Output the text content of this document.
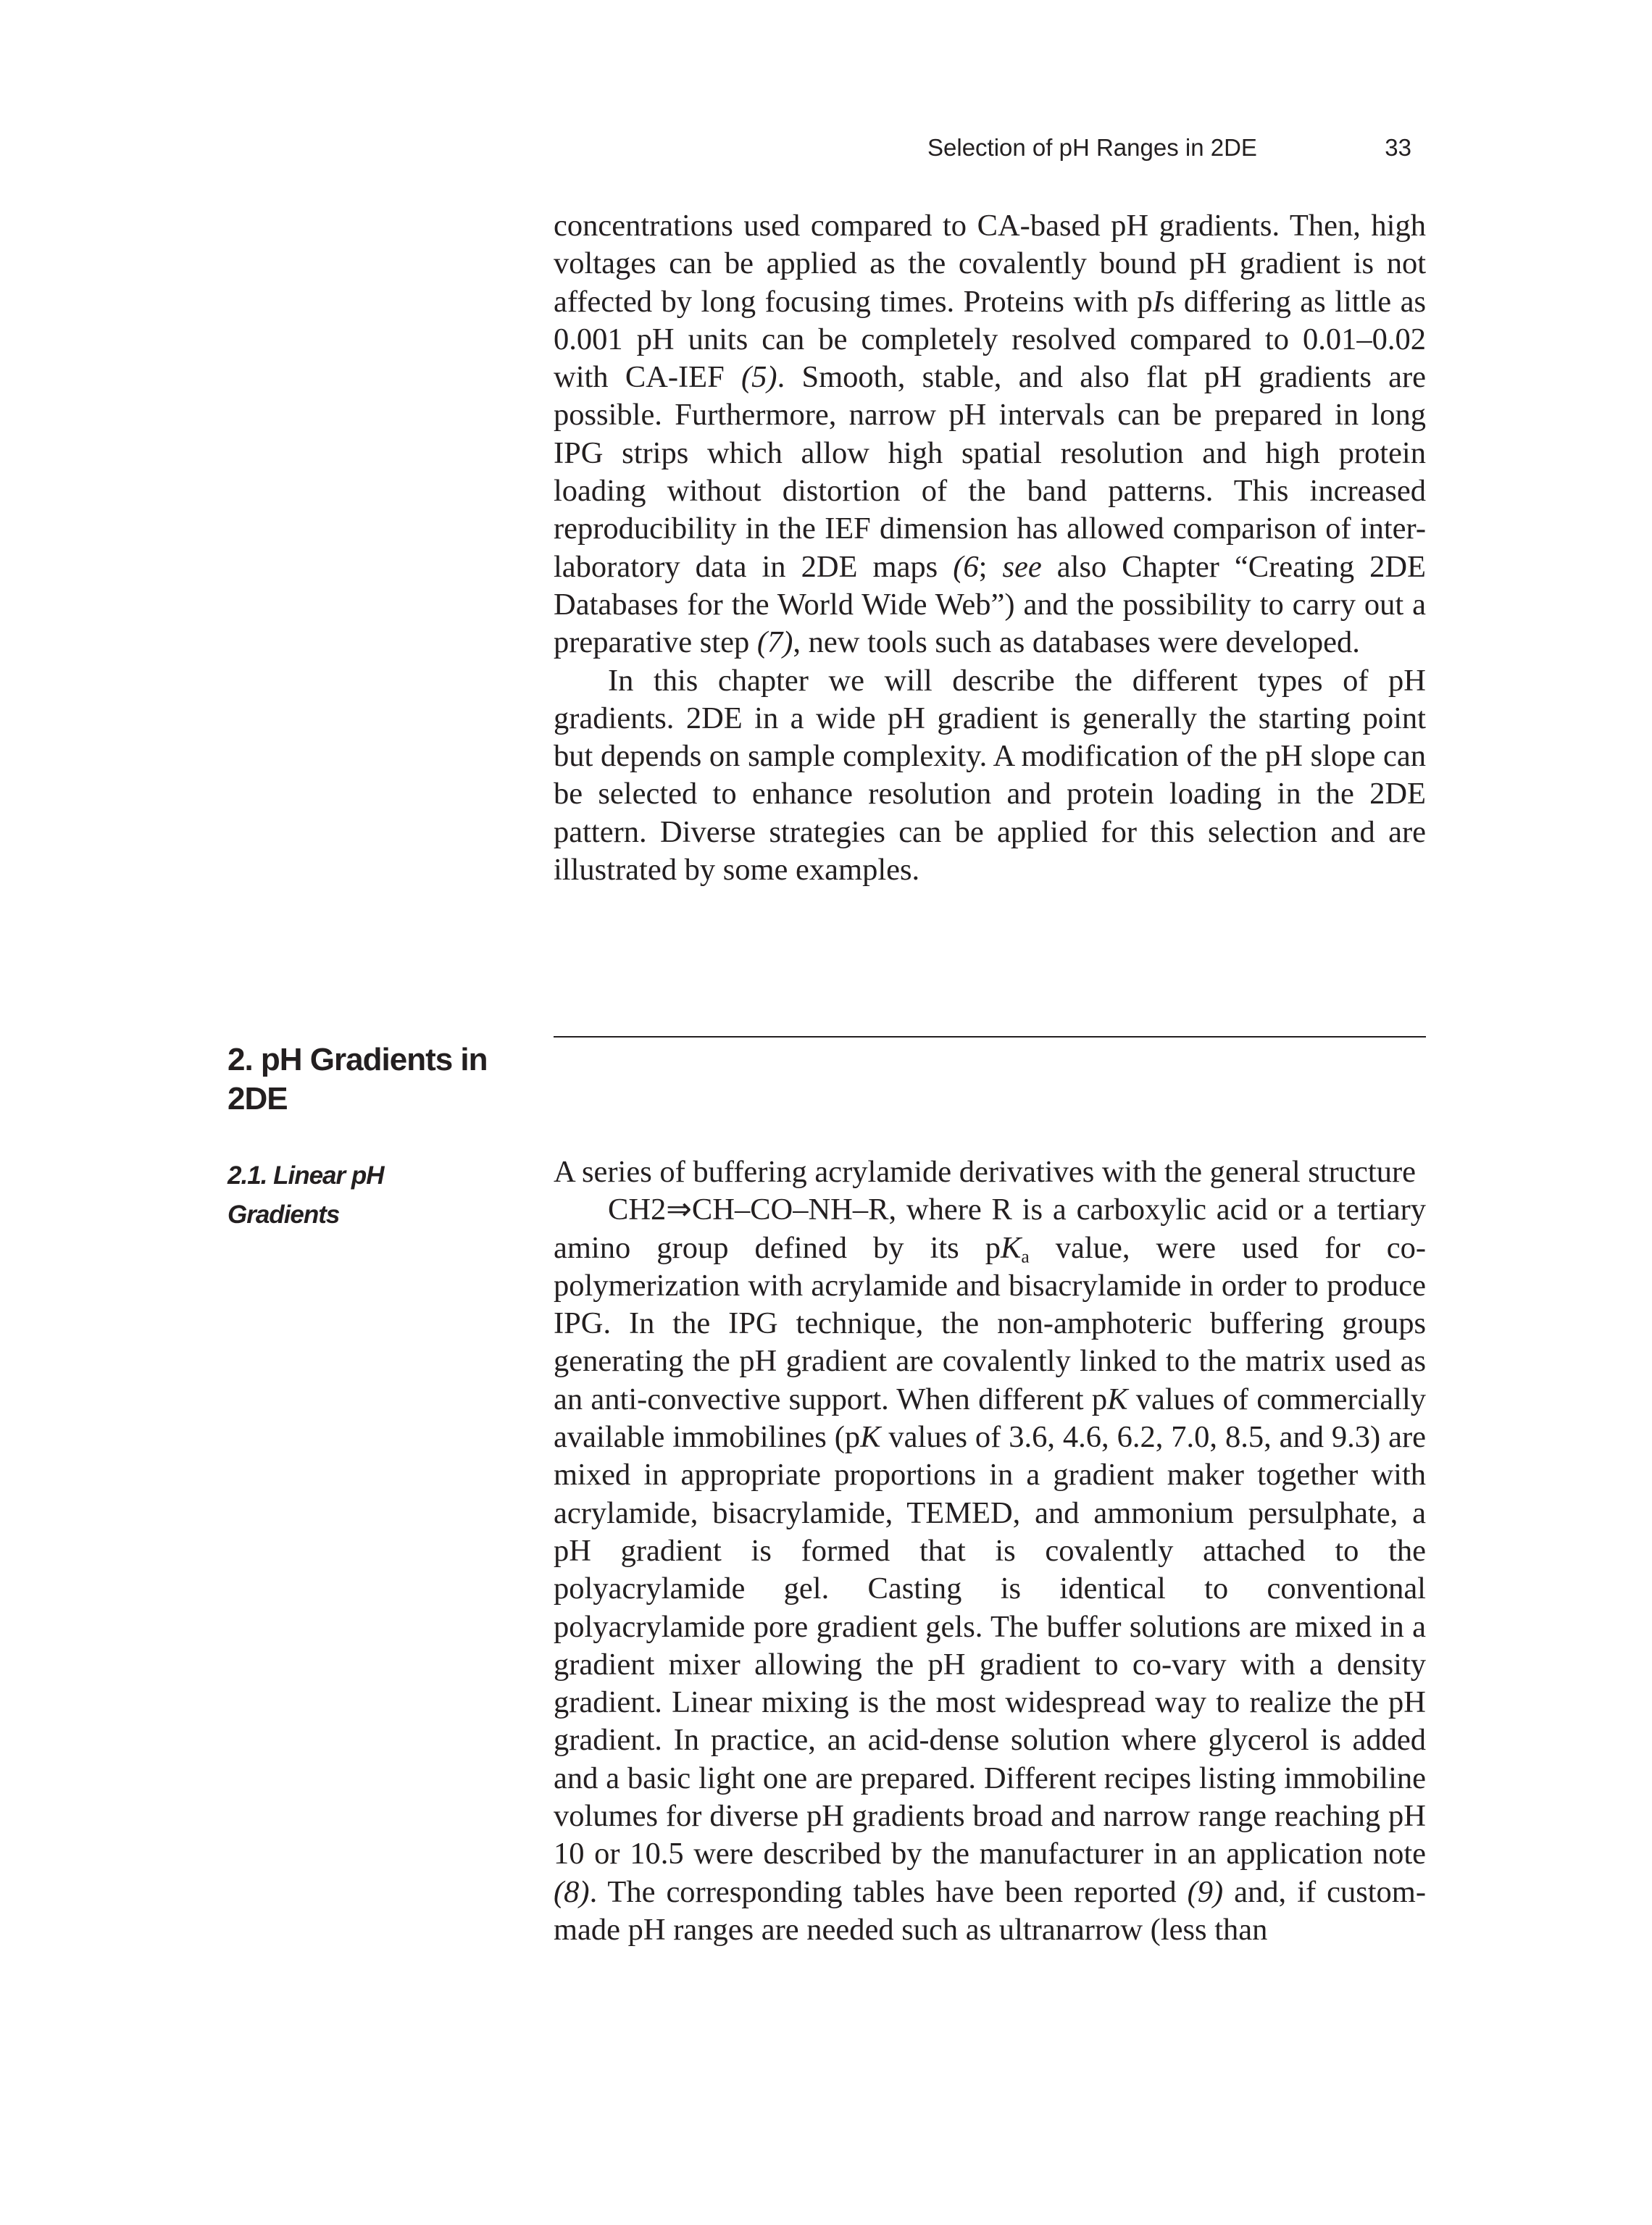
Selection of pH Ranges in 2DE	33

concentrations used compared to CA-based pH gradients. Then, high voltages can be applied as the covalently bound pH gradient is not affected by long focusing times. Proteins with pIs differing as little as 0.001 pH units can be completely resolved compared to 0.01–0.02 with CA-IEF (5). Smooth, stable, and also flat pH gradients are possible. Furthermore, narrow pH intervals can be prepared in long IPG strips which allow high spatial resolution and high protein loading without distortion of the band patterns. This increased reproducibility in the IEF dimension has allowed comparison of inter-laboratory data in 2DE maps (6; see also Chapter “Creating 2DE Databases for the World Wide Web”) and the possibility to carry out a preparative step (7), new tools such as databases were developed.

In this chapter we will describe the different types of pH gradients. 2DE in a wide pH gradient is generally the starting point but depends on sample complexity. A modification of the pH slope can be selected to enhance resolution and protein loading in the 2DE pattern. Diverse strategies can be applied for this selection and are illustrated by some examples.

2. pH Gradients in 2DE
2.1. Linear pH Gradients

A series of buffering acrylamide derivatives with the general structure

CH2⇒CH–CO–NH–R, where R is a carboxylic acid or a tertiary amino group defined by its $pK_a$ value, were used for co-polymerization with acrylamide and bisacrylamide in order to produce IPG. In the IPG technique, the non-amphoteric buffering groups generating the pH gradient are covalently linked to the matrix used as an anti-convective support. When different pK values of commercially available immobilines (pK values of 3.6, 4.6, 6.2, 7.0, 8.5, and 9.3) are mixed in appropriate proportions in a gradient maker together with acrylamide, bisacrylamide, TEMED, and ammonium persulphate, a pH gradient is formed that is covalently attached to the polyacrylamide gel. Casting is identical to conventional polyacrylamide pore gradient gels. The buffer solutions are mixed in a gradient mixer allowing the pH gradient to co-vary with a density gradient. Linear mixing is the most widespread way to realize the pH gradient. In practice, an acid-dense solution where glycerol is added and a basic light one are prepared. Different recipes listing immobiline volumes for diverse pH gradients broad and narrow range reaching pH 10 or 10.5 were described by the manufacturer in an application note (8). The corresponding tables have been reported (9) and, if custom-made pH ranges are needed such as ultranarrow (less than
